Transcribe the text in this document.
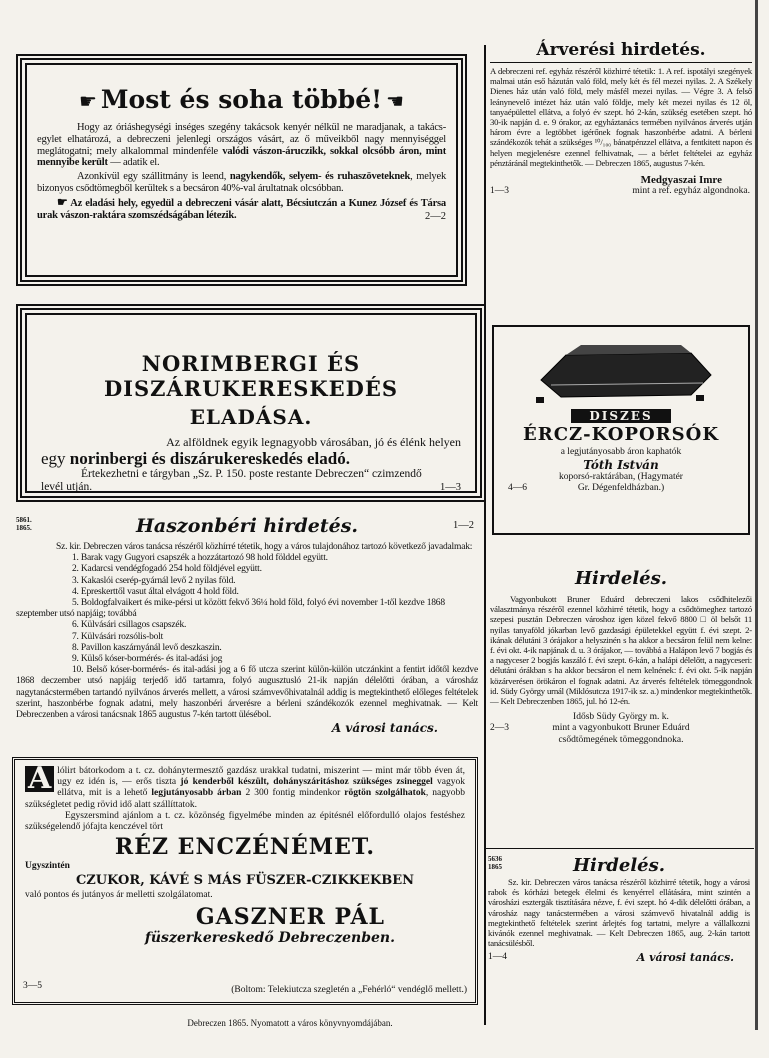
☛ Most és soha többé! ☛
Hogy az óriáshegységi inséges szegény takácsok kenyér nélkül ne maradjanak, a takács-egylet elhatározá, a debreczeni jelenlegi országos vásárt, az ő műveikből nagy mennyiséggel meglátogatni; mely alkalommal mindenféle valódi vászon-áruczikk, sokkal olcsóbb áron, mint mennyibe került — adatik el.
Azonkívül egy szállitmány is leend, nagykendők, selyem- és ruhaszöveteknek, melyek bizonyos csődtömegből kerültek s a becsáron 40%-val árultatnak olcsóbban.
☛ Az eladási hely, egyedül a debreczeni vásár alatt, Bécsiutczán a Kunez József és Társa urak vászon-raktára szomszédságában létezik.	2—2
NORIMBERGI ÉS DISZÁRUKERESKEDÉS
ELADÁSA.
Az alföldnek egyik legnagyobb városában, jó és élénk helyen
egy norinbergi és diszárukereskedés eladó.
Értekezhetni e tárgyban „Sz. P. 150. poste restante Debreczen“ czimzendő levél utján.	1—3
5861.
1865.	Haszonbéri hirdetés.	1—2
Sz. kir. Debreczen város tanácsa részéről közhírré tétetik, hogy a város tulajdonához tartozó következő javadalmak:
1. Barak vagy Gugyori csapszék a hozzátartozó 98 hold földdel együtt.
2. Kadarcsi vendégfogadó 254 hold földjével együtt.
3. Kakaslói cserép-gyárnál levő 2 nyilas föld.
4. Epreskerttől vasut által elvágott 4 hold föld.
5. Boldogfalvaikert és mike-pérsi ut között fekvő 36¼ hold föld, folyó évi november 1-től kezdve 1868 szeptember utsó napjáig; továbbá
6. Külvásári csillagos csapszék.
7. Külvásári rozsólis-bolt
8. Pavillon kaszárnyánál levő deszkaszin.
9. Külső kóser-bormérés- és ital-adási jog
10. Belső kóser-bormérés- és ital-adási jog a 6 fő utcza szerint külön-külön utczánkint a fentirt időtől kezdve 1868 deczember utsó napjáig terjedő idő tartamra, folyó augusztusló 21-ik napján délelőtti órában, a városház nagytanácstermében tartandó nyilvános árverés mellett, a városi számvevőhivatalnál addig is megtekinthető előleges feltételek szerint, haszonbérbe fognak adatni, mely haszonbéri árverésre a bérleni szándékozók ezennel meghivatnak. — Kelt Debreczenben a városi tanácsnak 1865 augustus 7-kén tartott ülésébol.
A városi tanács.
A lólirt bátorkodom a t. cz. dohánytermesztő gazdász urakkal tudatni, miszerint — mint már több éven át, ugy ez idén is, — erős tiszta jó kenderből készült, dohányszáritáshoz szükséges zsineggel vagyok ellátva, mit is a lehető legjutányosabb árban 2 300 fontig mindenkor rögtön szolgálhatok, nagyobb szükségletet pedig rövid idő alatt szállíttatok.
Egyszersmind ajánlom a t. cz. közönség figyelmébe minden az épitésnél előfordulló olajos festéshez szükségelendő jófajta kenczével tört
RÉZ ENCZÉNÉMET.
Ugyszintén
CZUKOR, KÁVÉ S MÁS FÜSZER-CZIKKEKBEN
való pontos és jutányos ár melletti szolgálatomat.
GASZNER PÁL
füszerkereskedő Debreczenben.
3—5	(Boltom: Telekiutcza szegletén a „Fehérló“ vendéglő mellett.)
Debreczen 1865. Nyomatott a város könyvnyomdájában.
Árverési hirdetés.
A debreczeni ref. egyház részéről közhirré tétetik: 1. A ref. ispotályi szegények malmai után eső házután való föld, mely két és fél mezei nyilas. 2. A Székely Dienes ház után való föld, mely másfél mezei nyilas. — Végre 3. A felső leánynevelő intézet ház után való földje, mely két mezei nyilas és 12 öl, tanyaépülettel ellátva, a folyó év szept. hó 2-kán, szükség esetében szept. hó 30-ik napján d. e. 9 órakor, az egyháztanács termében nyilvános árverés utján három évre a legtöbbet igérőnek fognak haszonbérbe adatni. A bérleni szándékozók tehát a szükséges ¹⁰/₁₀₀ bánatpénzzel ellátva, a fentkitett napon és helyen megjelenésre ezennel felhivatnak, — a bérlet feltételei az egyház pénztáránál megtekinthetők. — Debreczen 1865, augustus 7-kén.
Medgyaszai Imre
1—3	mint a ref. egyház algondnoka.
DISZES
ÉRCZ-KOPORSÓK
a legjutányosabb áron kaphatók
Tóth István
koporsó-raktárában, (Hagymatér
4—6	Gr. Dégenfeldházban.)
Hirdelés.
Vagyonbukott Bruner Eduárd debreczeni lakos csődhitelezői választmánya részéről ezennel közhirré tétetik, hogy a csődtömeghez tartozó szepesi pusztán Debreczen városhoz igen közel fekvő 8800 □ öl belsőt 11 nyilas tanyaföld jókarban levő gazdasági épületekkel együtt f. évi szept. 2-ikának délutáni 3 órájakor a helyszinén s ha akkor a becsáron felül nem kelne: f. évi okt. 4-ik napjának d. u. 3 órájakor, — továbbá a Halápon levő 7 bogjás és a nagyceser 2 bogjás kaszáló f. évi szept. 6-kán, a halápi délelőtt, a nagyceseri: délutáni órákban s ha akkor becsáron el nem kelnének: f. évi okt. 5-ik napján közárverésen örökáron el fognak adatni. Az árverés feltételek tömeggondnok id. Südy György urnál (Miklósutcza 1917-ik sz. a.) mindenkor megtekinthetők. — Kelt Debreczenben 1865, jul. hó 12-én.
Idősb Südy György m. k.
2—3	mint a vagyonbukott Bruner Eduárd
csődtömegének tömeggondnoka.
5636
1865	Hirdelés.
Sz. kir. Debreczen város tanácsa részéről közhirré tétetik, hogy a városi rabok és kórházi betegek élelmi és kenyérrel ellátására, mint szintén a városházi esztergák tisztítására nézve, f. évi szept. hó 4-dik délelőtti órában, a városház nagy tanácstermében a városi számvevő hivatalnál addig is megtekinthető feltételek szerint árlejtés fog tartatni, melyre a vállalkozni kivánók ezennel meghivatnak. — Kelt Debreczen 1865, aug. 2-kán tartott tanácsülésből.
1—4	A városi tanács.
